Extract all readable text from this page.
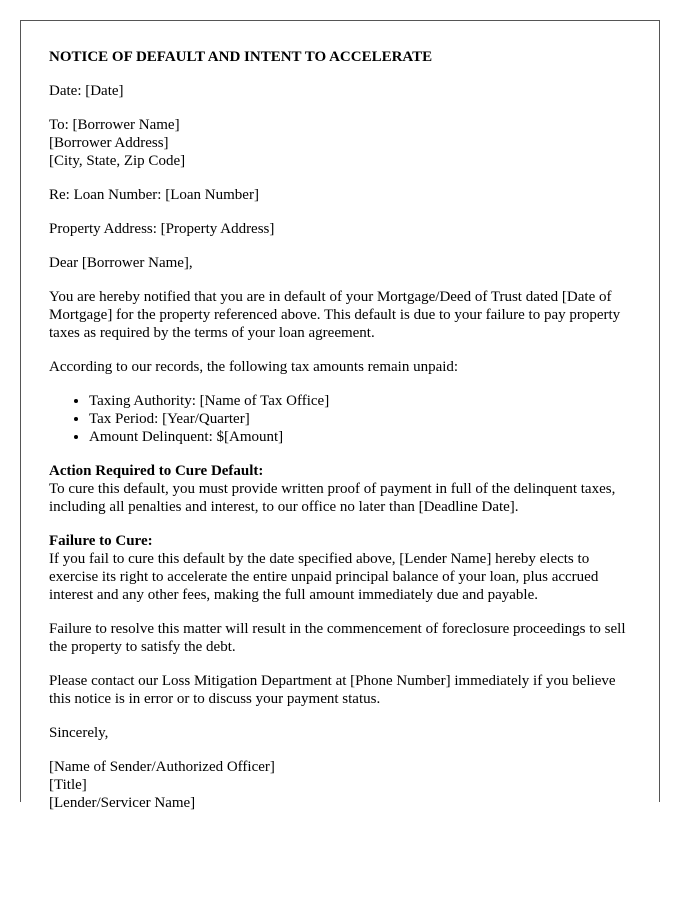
NOTICE OF DEFAULT AND INTENT TO ACCELERATE

Date: [Date]

To: [Borrower Name]
[Borrower Address]
[City, State, Zip Code]

Re: Loan Number: [Loan Number]

Property Address: [Property Address]

Dear [Borrower Name],

You are hereby notified that you are in default of your Mortgage/Deed of Trust dated [Date of Mortgage] for the property referenced above. This default is due to your failure to pay property taxes as required by the terms of your loan agreement.

According to our records, the following tax amounts remain unpaid:

• Taxing Authority: [Name of Tax Office]
• Tax Period: [Year/Quarter]
• Amount Delinquent: $[Amount]

Action Required to Cure Default:
To cure this default, you must provide written proof of payment in full of the delinquent taxes, including all penalties and interest, to our office no later than [Deadline Date].

Failure to Cure:
If you fail to cure this default by the date specified above, [Lender Name] hereby elects to exercise its right to accelerate the entire unpaid principal balance of your loan, plus accrued interest and any other fees, making the full amount immediately due and payable.

Failure to resolve this matter will result in the commencement of foreclosure proceedings to sell the property to satisfy the debt.

Please contact our Loss Mitigation Department at [Phone Number] immediately if you believe this notice is in error or to discuss your payment status.

Sincerely,

[Name of Sender/Authorized Officer]
[Title]
[Lender/Servicer Name]
